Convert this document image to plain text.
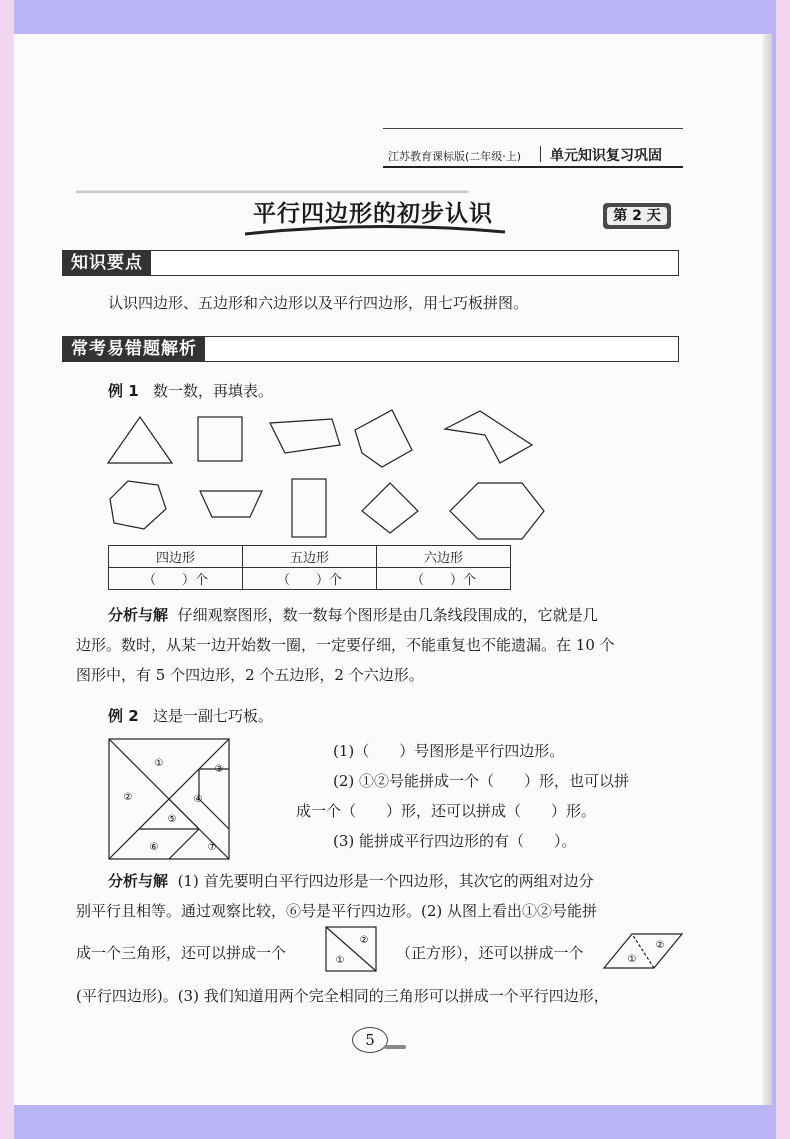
▁▁▁▁▁▁▁▁▁▁▁▁▁▁▁▁▁▁▁▁▁▁▁▁▁▁▁▁▁▁
江苏教育课标版(二年级·上) 单元知识复习巩固
平行四边形的初步认识	第 2 天
知识要点
认识四边形、五边形和六边形以及平行四边形，用七巧板拼图。
常考易错题解析
例 1 数一数，再填表。
四边形	五边形	六边形
（　　）个	（　　）个	（　　）个
分析与解 仔细观察图形，数一数每个图形是由几条线段围成的，它就是几
边形。数时，从某一边开始数一圈，一定要仔细，不能重复也不能遗漏。在 10 个
图形中，有 5 个四边形，2 个五边形，2 个六边形。
例 2 这是一副七巧板。
①
②
③
④
⑤
⑥	⑦
(1)（　　）号图形是平行四边形。
(2) ①②号能拼成一个（　　）形，也可以拼
成一个（　　）形，还可以拼成（　　）形。
(3) 能拼成平行四边形的有（　　）。
分析与解 (1) 首先要明白平行四边形是一个四边形，其次它的两组对边分
别平行且相等。通过观察比较，⑥号是平行四边形。(2) 从图上看出①②号能拼
成一个三角形，还可以拼成一个
②
①	（正方形），还可以拼成一个	①
②
(平行四边形)。(3) 我们知道用两个完全相同的三角形可以拼成一个平行四边形，
5
